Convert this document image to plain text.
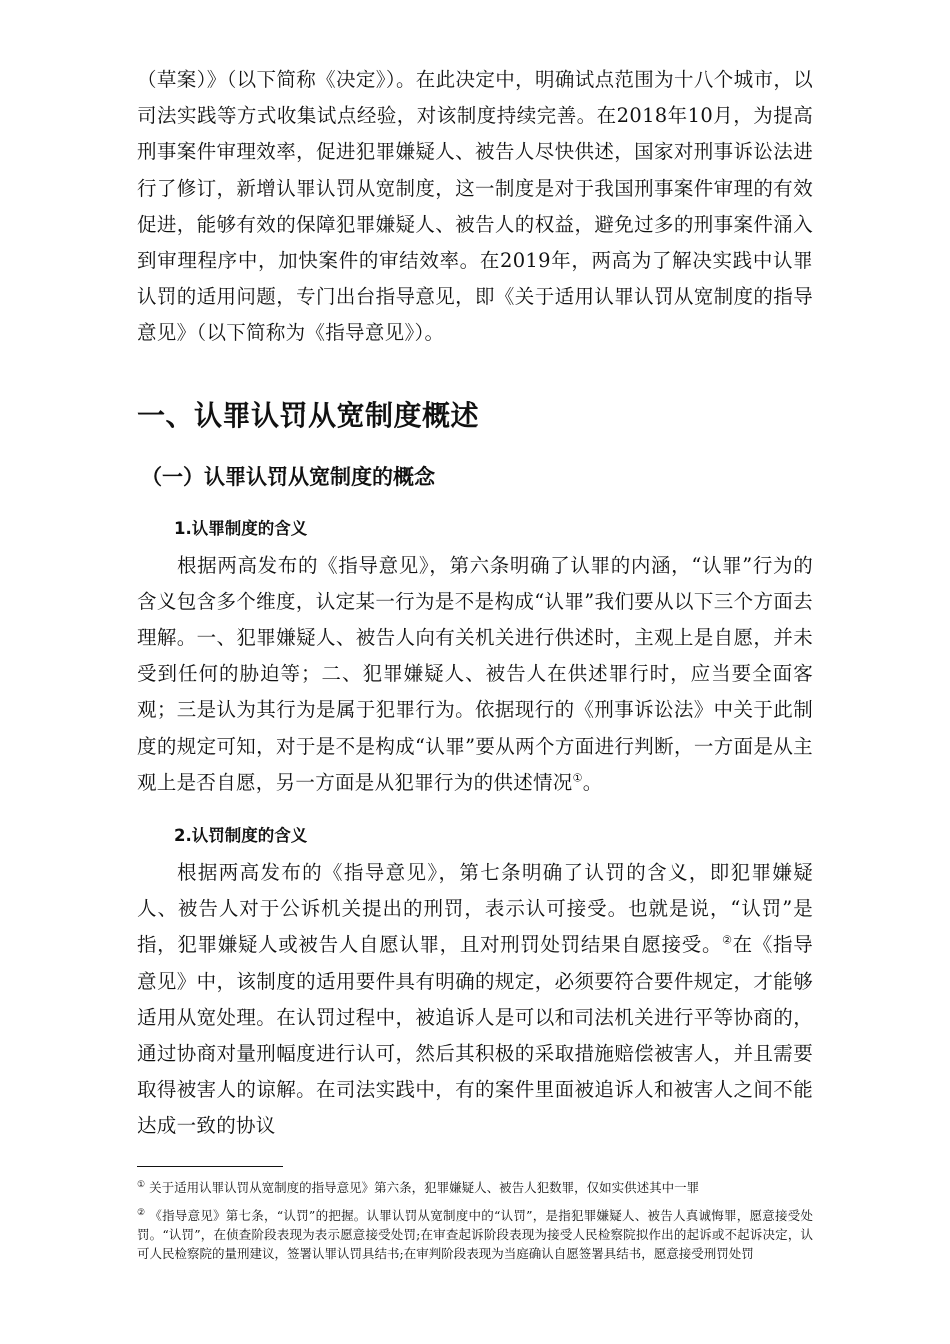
（草案）》（以下简称《决定》）。在此决定中，明确试点范围为十八个城市，以司法实践等方式收集试点经验，对该制度持续完善。在2018年10月，为提高刑事案件审理效率，促进犯罪嫌疑人、被告人尽快供述，国家对刑事诉讼法进行了修订，新增认罪认罚从宽制度，这一制度是对于我国刑事案件审理的有效促进，能够有效的保障犯罪嫌疑人、被告人的权益，避免过多的刑事案件涌入到审理程序中，加快案件的审结效率。在2019年，两高为了解决实践中认罪认罚的适用问题，专门出台指导意见，即《关于适用认罪认罚从宽制度的指导意见》（以下简称为《指导意见》）。

一、认罪认罚从宽制度概述
（一）认罪认罚从宽制度的概念
1.认罪制度的含义

根据两高发布的《指导意见》，第六条明确了认罪的内涵，“认罪”行为的含义包含多个维度，认定某一行为是不是构成“认罪”我们要从以下三个方面去理解。一、犯罪嫌疑人、被告人向有关机关进行供述时，主观上是自愿，并未受到任何的胁迫等；二、犯罪嫌疑人、被告人在供述罪行时，应当要全面客观；三是认为其行为是属于犯罪行为。依据现行的《刑事诉讼法》中关于此制度的规定可知，对于是不是构成“认罪”要从两个方面进行判断，一方面是从主观上是否自愿，另一方面是从犯罪行为的供述情况①。

2.认罚制度的含义

根据两高发布的《指导意见》，第七条明确了认罚的含义，即犯罪嫌疑人、被告人对于公诉机关提出的刑罚，表示认可接受。也就是说，“认罚”是指，犯罪嫌疑人或被告人自愿认罪，且对刑罚处罚结果自愿接受。②在《指导意见》中，该制度的适用要件具有明确的规定，必须要符合要件规定，才能够适用从宽处理。在认罚过程中，被追诉人是可以和司法机关进行平等协商的，通过协商对量刑幅度进行认可，然后其积极的采取措施赔偿被害人，并且需要取得被害人的谅解。在司法实践中，有的案件里面被追诉人和被害人之间不能达成一致的协议

① 关于适用认罪认罚从宽制度的指导意见》第六条，犯罪嫌疑人、被告人犯数罪，仅如实供述其中一罪

② 《指导意见》第七条，“认罚”的把握。认罪认罚从宽制度中的“认罚”，是指犯罪嫌疑人、被告人真诚悔罪，愿意接受处罚。“认罚”，在侦查阶段表现为表示愿意接受处罚;在审查起诉阶段表现为接受人民检察院拟作出的起诉或不起诉决定，认可人民检察院的量刑建议，签署认罪认罚具结书;在审判阶段表现为当庭确认自愿签署具结书，愿意接受刑罚处罚
